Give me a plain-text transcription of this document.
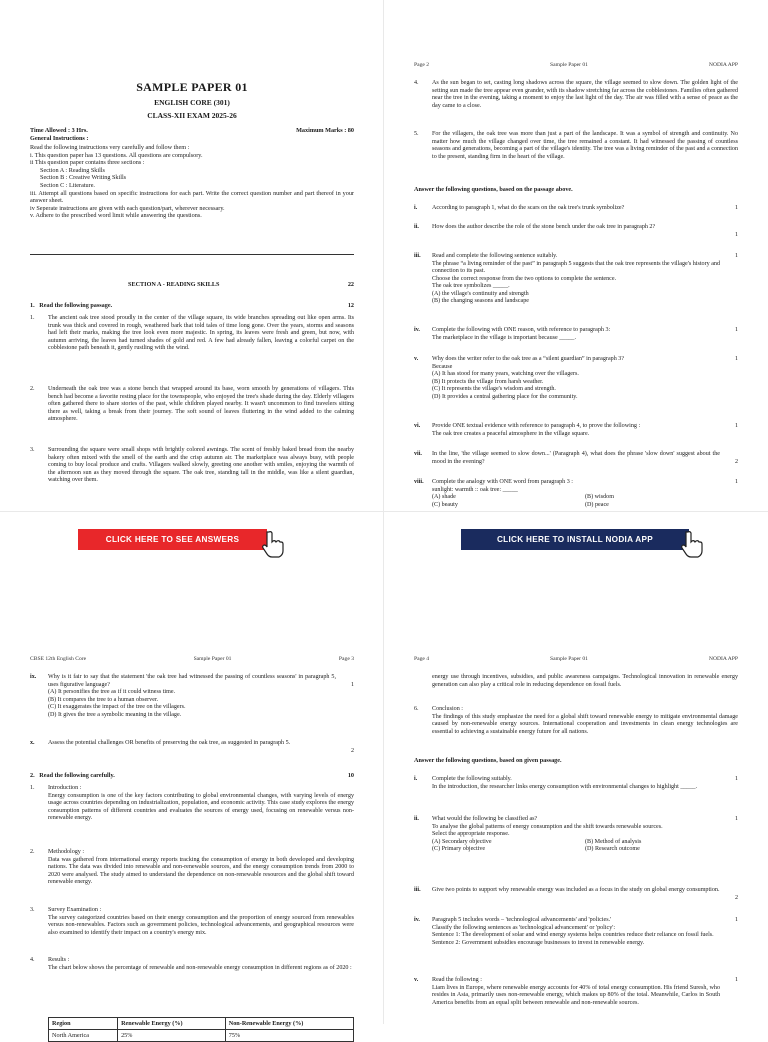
SAMPLE PAPER 01
ENGLISH CORE (301)
CLASS-XII EXAM 2025-26
Time Allowed : 3 Hrs.	Maximum Marks : 80
General Instructions :
Read the following instructions very carefully and follow them :
i. This question paper has 13 questions. All questions are compulsory.
ii This question paper contains three sections :
Section A : Reading Skills
Section B : Creative Writing Skills
Section C : Literature.
iii. Attempt all questions based on specific instructions for each part. Write the correct question number and part thereof in your answer sheet.
iv Seperate instructions are given with each question/part, wherever necessary.
v. Adhere to the prescribed word limit while answering the questions.
SECTION A - READING SKILLS	22
1. Read the following passage.	12
1. The ancient oak tree stood proudly in the center of the village square, its wide branches spreading out like open arms. Its trunk was thick and covered in rough, weathered bark that told tales of time long gone. Over the years, storms and seasons had left their marks, making the tree look even more majestic. In spring, its leaves were fresh and green, but now, with autumn arriving, the leaves had turned shades of gold and red. A few had already fallen, leaving a colorful carpet on the cobblestone path beneath it, gently rustling with the wind.
2. Underneath the oak tree was a stone bench that wrapped around its base, worn smooth by generations of villagers. This bench had become a favorite resting place for the townspeople, who enjoyed the tree's shade during the day. Elderly villagers often gathered there to share stories of the past, while children played nearby. It wasn't uncommon to find travelers sitting there as well, taking a break from their journey. The soft sound of leaves fluttering in the wind added to the calming atmosphere.
3. Surrounding the square were small shops with brightly colored awnings. The scent of freshly baked bread from the nearby bakery often mixed with the smell of the earth and the crisp autumn air. The marketplace was always busy, with people coming to buy local produce and crafts. Villagers walked slowly, greeting one another with smiles, enjoying the warmth of the afternoon sun as they moved through the square. The oak tree, standing tall in the middle, was like a silent guardian, watching over them.
CLICK HERE TO SEE ANSWERS	CLICK HERE TO INSTALL NODIA APP
Page 2	Sample Paper 01	NODIA APP
4. As the sun began to set, casting long shadows across the square, the village seemed to slow down. The golden light of the setting sun made the tree appear even grander, with its shadow stretching far across the cobblestones. Families often gathered near the tree in the evening, taking a moment to enjoy the last light of the day. The air was filled with a sense of peace as the day came to a close.
5. For the villagers, the oak tree was more than just a part of the landscape. It was a symbol of strength and continuity. No matter how much the village changed over time, the tree remained a constant. It had witnessed the passing of countless seasons and generations, becoming a part of the village's identity. The tree was a living reminder of the past and a connection to the present, standing firm in the heart of the village.
Answer the following questions, based on the passage above.
i.	1
According to paragraph 1, what do the scars on the oak tree's trunk symbolize?
ii.
1
How does the author describe the role of the stone bench under the oak tree in paragraph 2?
iii.	1
Read and complete the following sentence suitably.
The phrase “a living reminder of the past” in paragraph 5 suggests that the oak tree represents the village's history and connection to its past.
Choose the correct response from the two options to complete the sentence.
The oak tree symbolizes _____.
(A) the village's continuity and strength
(B) the changing seasons and landscape
iv.	1
Complete the following with ONE reason, with reference to paragraph 3:
The marketplace in the village is important because _____.
v.	1
Why does the writer refer to the oak tree as a “silent guardian” in paragraph 3?
Because
(A) It has stood for many years, watching over the villagers.
(B) It protects the village from harsh weather.
(C) It represents the village's wisdom and strength.
(D) It provides a central gathering place for the community.
vi.	1
Provide ONE textual evidence with reference to paragraph 4, to prove the following :
The oak tree creates a peaceful atmosphere in the village square.
vii.
2
In the line, 'the village seemed to slow down...' (Paragraph 4), what does the phrase 'slow down' suggest about the mood in the evening?
viii.	1
Complete the analogy with ONE word from paragraph 3 :
sunlight: warmth :: oak tree: _____
(A) shade	(B) wisdom
(C) beauty	(D) peace
CBSE 12th English Core	Sample Paper 01	Page 3
ix.
1
Why is it fair to say that the statement 'the oak tree had witnessed the passing of countless seasons' in paragraph 5, uses figurative language?
(A) It personifies the tree as if it could witness time.
(B) It compares the tree to a human observer.
(C) It exaggerates the impact of the tree on the villagers.
(D) It gives the tree a symbolic meaning in the village.
x.
2
Assess the potential challenges OR benefits of preserving the oak tree, as suggested in paragraph 5.
2. Read the following carefully.	10
1. Introduction :
Energy consumption is one of the key factors contributing to global environmental changes, with varying levels of energy usage across countries depending on industrialization, population, and economic activity. This case study explores the energy consumption patterns of different countries and evaluates the sources of energy used, focusing on renewable versus non-renewable energy.
2. Methodology :
Data was gathered from international energy reports tracking the consumption of energy in both developed and developing nations. The data was divided into renewable and non-renewable sources, and the energy consumption trends from 2000 to 2020 were analysed. The study aimed to understand the dependence on non-renewable resources and the global shift toward renewable energy.
3. Survey Examination :
The survey categorized countries based on their energy consumption and the proportion of energy sourced from renewables versus non-renewables. Factors such as government policies, technological advancements, and geographical resources were also examined to identify their impact on a country's energy mix.
4. Results :
The chart below shows the percentage of renewable and non-renewable energy consumption in different regions as of 2020 :
Region	Renewable Energy (%)	Non-Renewable Energy (%)
North America	25%	75%
Page 4	Sample Paper 01	NODIA APP
energy use through incentives, subsidies, and public awareness campaigns. Technological innovation in renewable energy generation can also play a critical role in reducing dependence on fossil fuels.
6. Conclusion :
The findings of this study emphasize the need for a global shift toward renewable energy to mitigate environmental damage caused by non-renewable energy sources. International cooperation and investments in clean energy technologies are essential to achieving a sustainable energy future for all nations.
Answer the following questions, based on given passage.
i.	1
Complete the following suitably.
In the introduction, the researcher links energy consumption with environmental changes to highlight _____.
ii.	1
What would the following be classified as?
To analyse the global patterns of energy consumption and the shift towards renewable sources.
Select the appropriate response.
(A) Secondary objective	(B) Method of analysis
(C) Primary objective	(D) Research outcome
iii.
2
Give two points to support why renewable energy was included as a focus in the study on global energy consumption.
iv.	1
Paragraph 5 includes words – 'technological advancements' and 'policies.'
Classify the following sentences as 'technological advancement' or 'policy':
Sentence 1: The development of solar and wind energy systems helps countries reduce their reliance on fossil fuels.
Sentence 2: Government subsidies encourage businesses to invest in renewable energy.
v.	1
Read the following :
Liam lives in Europe, where renewable energy accounts for 40% of total energy consumption. His friend Suresh, who resides in Asia, primarily uses non-renewable energy, which makes up 80% of the total. Meanwhile, Carlos in South America benefits from an equal split between renewable and non-renewable sources.
